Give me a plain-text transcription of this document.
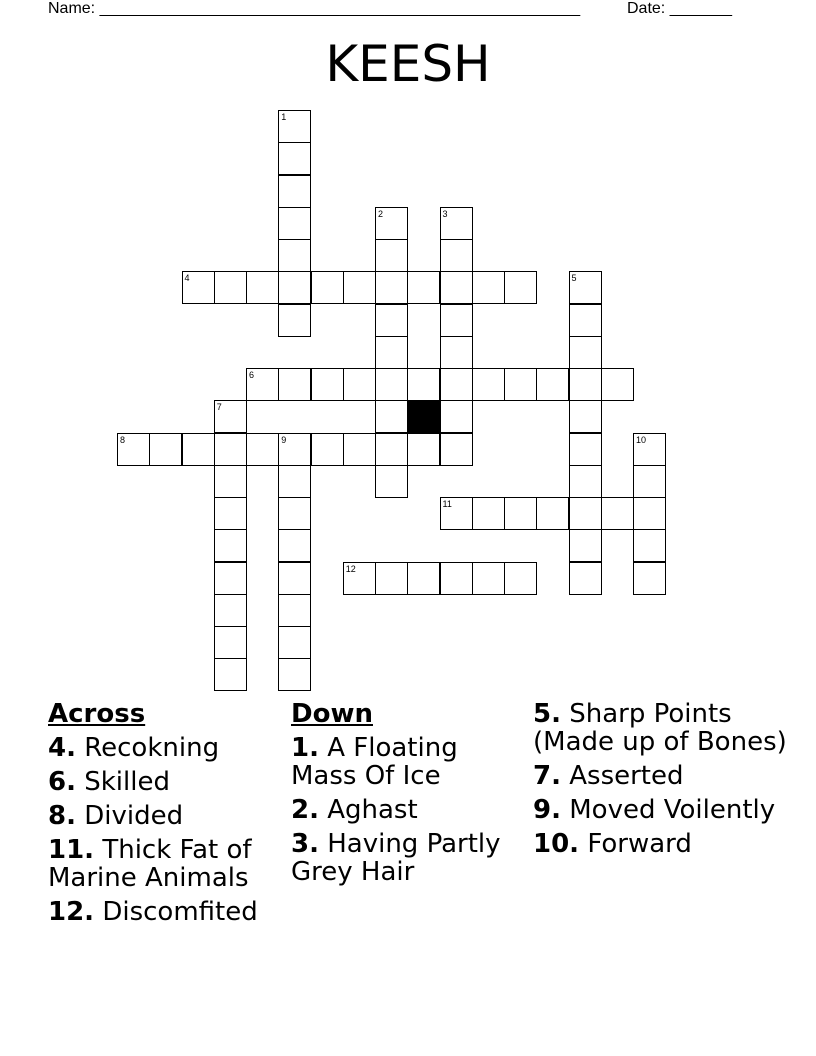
Name: ______________________________________________________	Date: _______
KEESH
1
2	3
4	5
6
7
8	9	10
11
12
Across
4. Recokning
6. Skilled
8. Divided
11. Thick Fat of Marine Animals
12. Discomfited
Down
1. A Floating Mass Of Ice
2. Aghast
3. Having Partly Grey Hair
5. Sharp Points (Made up of Bones)
7. Asserted
9. Moved Voilently
10. Forward
